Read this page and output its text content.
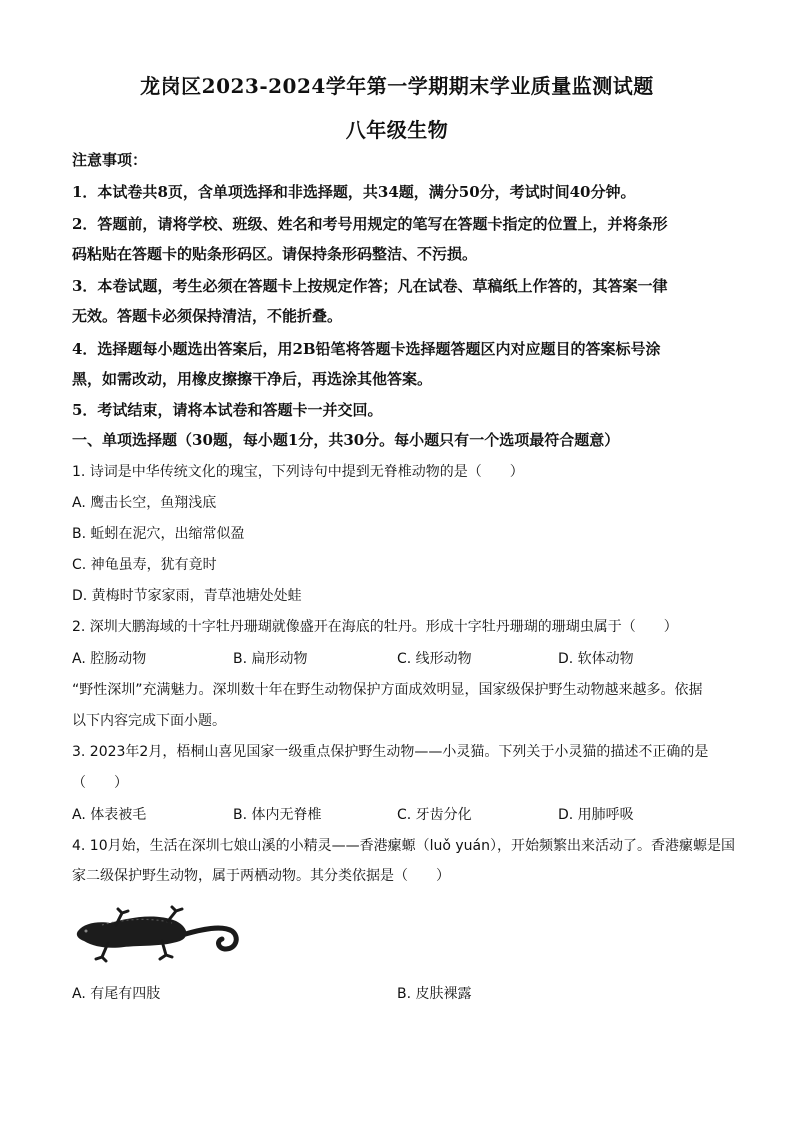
龙岗区2023-2024学年第一学期期末学业质量监测试题
八年级生物
注意事项：
1．本试卷共8页，含单项选择和非选择题，共34题，满分50分，考试时间40分钟。
2．答题前，请将学校、班级、姓名和考号用规定的笔写在答题卡指定的位置上，并将条形
码粘贴在答题卡的贴条形码区。请保持条形码整洁、不污损。
3．本卷试题，考生必须在答题卡上按规定作答；凡在试卷、草稿纸上作答的，其答案一律
无效。答题卡必须保持清洁，不能折叠。
4．选择题每小题选出答案后，用2B铅笔将答题卡选择题答题区内对应题目的答案标号涂
黑，如需改动，用橡皮擦擦干净后，再选涂其他答案。
5．考试结束，请将本试卷和答题卡一并交回。
一、单项选择题（30题，每小题1分，共30分。每小题只有一个选项最符合题意）
1. 诗词是中华传统文化的瑰宝，下列诗句中提到无脊椎动物的是（　　）
A. 鹰击长空，鱼翔浅底
B. 蚯蚓在泥穴，出缩常似盈
C. 神龟虽寿，犹有竟时
D. 黄梅时节家家雨，青草池塘处处蛙
2. 深圳大鹏海域的十字牡丹珊瑚就像盛开在海底的牡丹。形成十字牡丹珊瑚的珊瑚虫属于（　　）
A. 腔肠动物	B. 扁形动物	C. 线形动物	D. 软体动物
“野性深圳”充满魅力。深圳数十年在野生动物保护方面成效明显，国家级保护野生动物越来越多。依据
以下内容完成下面小题。
3. 2023年2月，梧桐山喜见国家一级重点保护野生动物——小灵猫。下列关于小灵猫的描述不正确的是
（　　）
A. 体表被毛	B. 体内无脊椎	C. 牙齿分化	D. 用肺呼吸
4. 10月始，生活在深圳七娘山溪的小精灵——香港瘰螈（luǒ yuán），开始频繁出来活动了。香港瘰螈是国
家二级保护野生动物，属于两栖动物。其分类依据是（　　）
A. 有尾有四肢	B. 皮肤裸露
